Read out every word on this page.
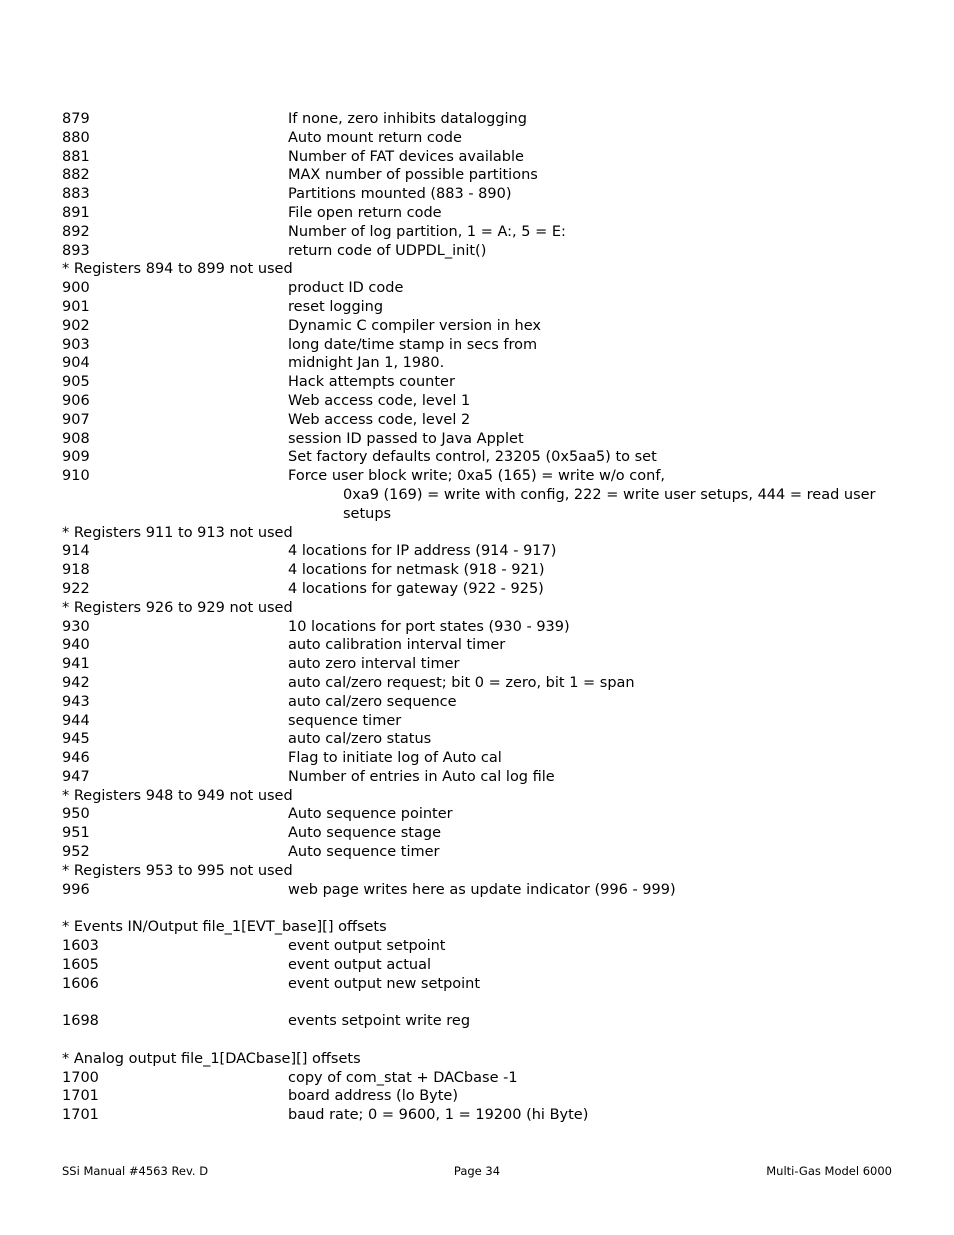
879	If none, zero inhibits datalogging
880	Auto mount return code
881	Number of FAT devices available
882	MAX number of possible partitions
883	Partitions mounted (883 - 890)
891	File open return code
892	Number of log partition, 1 = A:, 5 = E:
893	return code of UDPDL_init()
* Registers 894 to 899 not used
900	product ID code
901	reset logging
902	Dynamic C compiler version in hex
903	long date/time stamp in secs from
904	midnight Jan 1, 1980.
905	Hack attempts counter
906	Web access code, level 1
907	Web access code, level 2
908	session ID passed to Java Applet
909	Set factory defaults control, 23205 (0x5aa5) to set
910	Force user block write; 0xa5 (165) = write w/o conf,
0xa9 (169) = write with config, 222 = write user setups, 444 = read user
setups
* Registers 911 to 913 not used
914	4 locations for IP address (914 - 917)
918	4 locations for netmask (918 - 921)
922	4 locations for gateway (922 - 925)
* Registers 926 to 929 not used
930	10 locations for port states (930 - 939)
940	auto calibration interval timer
941	auto zero interval timer
942	auto cal/zero request; bit 0 = zero, bit 1 = span
943	auto cal/zero sequence
944	sequence timer
945	auto cal/zero status
946	Flag to initiate log of Auto cal
947	Number of entries in Auto cal log file
* Registers 948 to 949 not used
950	Auto sequence pointer
951	Auto sequence stage
952	Auto sequence timer
* Registers 953 to 995 not used
996	web page writes here as update indicator (996 - 999)
* Events IN/Output file_1[EVT_base][] offsets
1603	event output setpoint
1605	event output actual
1606	event output new setpoint
1698	events setpoint write reg
* Analog output file_1[DACbase][] offsets
1700	copy of com_stat + DACbase -1
1701	board address (lo Byte)
1701	baud rate; 0 = 9600, 1 = 19200 (hi Byte)
SSi Manual #4563 Rev. D	Page 34	Multi-Gas Model 6000
